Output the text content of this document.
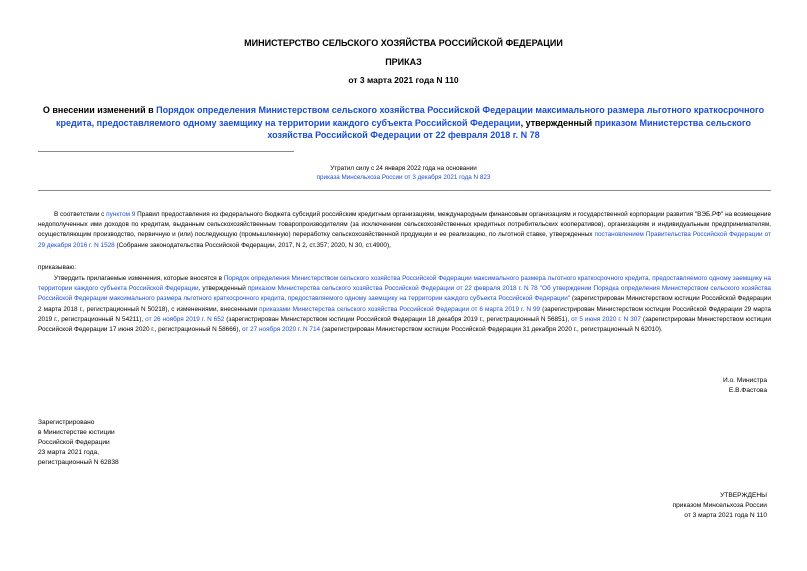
МИНИСТЕРСТВО СЕЛЬСКОГО ХОЗЯЙСТВА РОССИЙСКОЙ ФЕДЕРАЦИИ
ПРИКАЗ
от 3 марта 2021 года N 110
О внесении изменений в Порядок определения Министерством сельского хозяйства Российской Федерации максимального размера льготного краткосрочного кредита, предоставляемого одному заемщику на территории каждого субъекта Российской Федерации, утвержденный приказом Министерства сельского хозяйства Российской Федерации от 22 февраля 2018 г. N 78
Утратил силу с 24 января 2022 года на основании
приказа Минсельхоза России от 3 декабря 2021 года N 823
В соответствии с пунктом 9 Правил предоставления из федерального бюджета субсидий российским кредитным организациям, международным финансовым организациям и государственной корпорации развития "ВЭБ.РФ" на возмещение недополученных ими доходов по кредитам, выданным сельскохозяйственным товаропроизводителям (за исключением сельскохозяйственных кредитных потребительских кооперативов), организациям и индивидуальным предпринимателям, осуществляющим производство, первичную и (или) последующую (промышленную) переработку сельскохозяйственной продукции и ее реализацию, по льготной ставке, утвержденных постановлением Правительства Российской Федерации от 29 декабря 2016 г. N 1528 (Собрание законодательства Российской Федерации, 2017, N 2, ст.357; 2020, N 30, ст.4900),
приказываю:
Утвердить прилагаемые изменения, которые вносятся в Порядок определения Министерством сельского хозяйства Российской Федерации максимального размера льготного краткосрочного кредита, предоставляемого одному заемщику на территории каждого субъекта Российской Федерации, утвержденный приказом Министерства сельского хозяйства Российской Федерации от 22 февраля 2018 г. N 78 "Об утверждении Порядка определения Министерством сельского хозяйства Российской Федерации максимального размера льготного краткосрочного кредита, предоставляемого одному заемщику на территории каждого субъекта Российской Федерации" (зарегистрирован Министерством юстиции Российской Федерации 2 марта 2018 г., регистрационный N 50218), с изменениями, внесенными приказами Министерства сельского хозяйства Российской Федерации от 6 марта 2019 г. N 99 (зарегистрирован Министерством юстиции Российской Федерации 29 марта 2019 г., регистрационный N 54211), от 26 ноября 2019 г. N 652 (зарегистрирован Министерством юстиции Российской Федерации 18 декабря 2019 г., регистрационный N 56851), от 5 июня 2020 г. N 307 (зарегистрирован Министерством юстиции Российской Федерации 17 июня 2020 г., регистрационный N 58666), от 27 ноября 2020 г. N 714 (зарегистрирован Министерством юстиции Российской Федерации 31 декабря 2020 г., регистрационный N 62010).
И.о. Министра
Е.В.Фастова
Зарегистрировано
в Министерстве юстиции
Российской Федерации
23 марта 2021 года,
регистрационный N 62838
УТВЕРЖДЕНЫ
приказом Минсельхоза России
от 3 марта 2021 года N 110
